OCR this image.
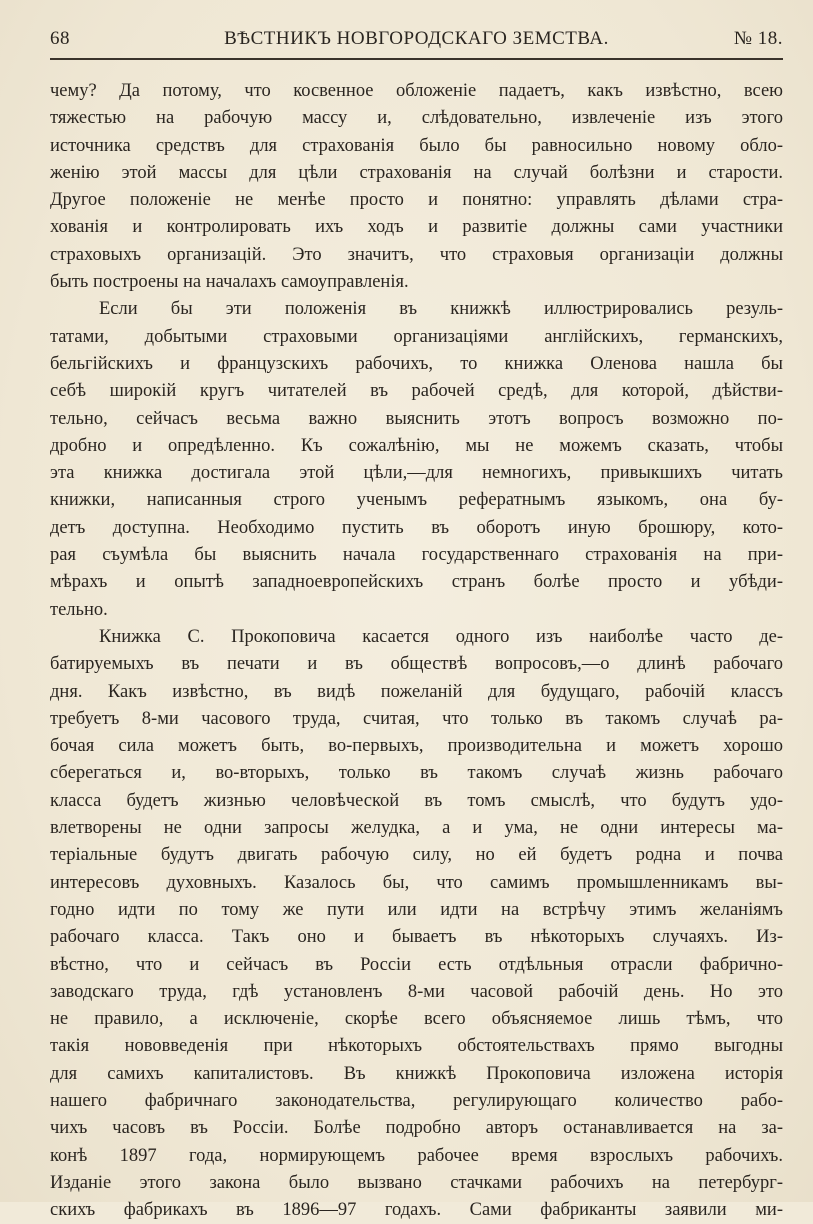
68	ВѢСТНИКЪ НОВГОРОДСКАГО ЗЕМСТВА.	№ 18.
чему? Да потому, что косвенное обложеніе падаетъ, какъ извѣстно, всею
тяжестью на рабочую массу и, слѣдовательно, извлеченіе изъ этого
источника средствъ для страхованія было бы равносильно новому обло-
женію этой массы для цѣли страхованія на случай болѣзни и старости.
Другое положеніе не менѣе просто и понятно: управлять дѣлами стра-
хованія и контролировать ихъ ходъ и развитіе должны сами участники
страховыхъ организацій. Это значитъ, что страховыя организаціи должны
быть построены на началахъ самоуправленія.
Если бы эти положенія въ книжкѣ иллюстрировались резуль-
татами, добытыми страховыми организаціями англійскихъ, германскихъ,
бельгійскихъ и французскихъ рабочихъ, то книжка Оленова нашла бы
себѣ широкій кругъ читателей въ рабочей средѣ, для которой, дѣйстви-
тельно, сейчасъ весьма важно выяснить этотъ вопросъ возможно по-
дробно и опредѣленно. Къ сожалѣнію, мы не можемъ сказать, чтобы
эта книжка достигала этой цѣли,—для немногихъ, привыкшихъ читать
книжки, написанныя строго ученымъ рефератнымъ языкомъ, она бу-
детъ доступна. Необходимо пустить въ оборотъ иную брошюру, кото-
рая съумѣла бы выяснить начала государственнаго страхованія на при-
мѣрахъ и опытѣ западноевропейскихъ странъ болѣе просто и убѣди-
тельно.
Книжка С. Прокоповича касается одного изъ наиболѣе часто де-
батируемыхъ въ печати и въ обществѣ вопросовъ,—о длинѣ рабочаго
дня. Какъ извѣстно, въ видѣ пожеланій для будущаго, рабочій классъ
требуетъ 8-ми часового труда, считая, что только въ такомъ случаѣ ра-
бочая сила можетъ быть, во-первыхъ, производительна и можетъ хорошо
сберегаться и, во-вторыхъ, только въ такомъ случаѣ жизнь рабочаго
класса будетъ жизнью человѣческой въ томъ смыслѣ, что будутъ удо-
влетворены не одни запросы желудка, а и ума, не одни интересы ма-
теріальные будутъ двигать рабочую силу, но ей будетъ родна и почва
интересовъ духовныхъ. Казалось бы, что самимъ промышленникамъ вы-
годно идти по тому же пути или идти на встрѣчу этимъ желаніямъ
рабочаго класса. Такъ оно и бываетъ въ нѣкоторыхъ случаяхъ. Из-
вѣстно, что и сейчасъ въ Россіи есть отдѣльныя отрасли фабрично-
заводскаго труда, гдѣ установленъ 8-ми часовой рабочій день. Но это
не правило, а исключеніе, скорѣе всего объясняемое лишь тѣмъ, что
такія нововведенія при нѣкоторыхъ обстоятельствахъ прямо выгодны
для самихъ капиталистовъ. Въ книжкѣ Прокоповича изложена исторія
нашего фабричнаго законодательства, регулирующаго количество рабо-
чихъ часовъ въ Россіи. Болѣе подробно авторъ останавливается на за-
конѣ 1897 года, нормирующемъ рабочее время взрослыхъ рабочихъ.
Изданіе этого закона было вызвано стачками рабочихъ на петербург-
скихъ фабрикахъ въ 1896—97 годахъ. Сами фабриканты заявили ми-
